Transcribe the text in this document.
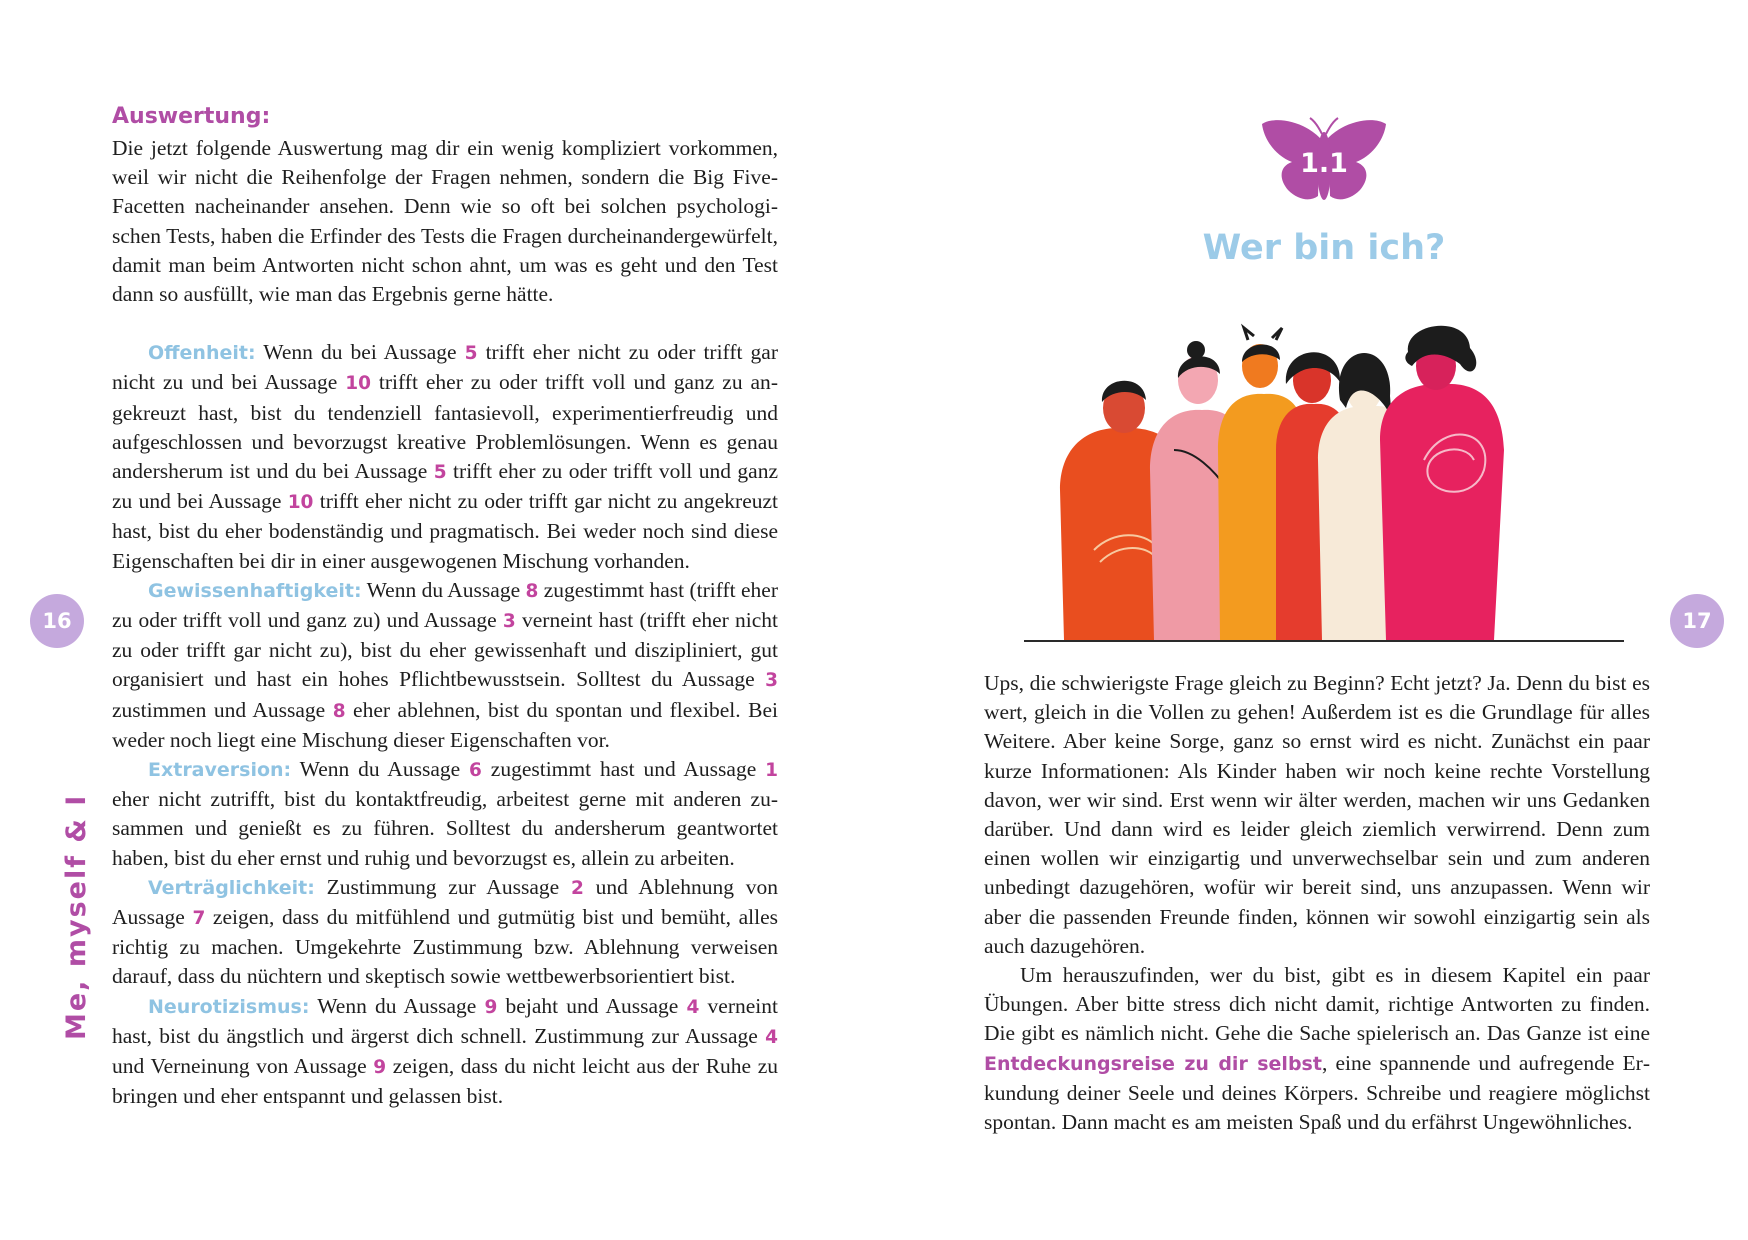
Auswertung:

Die jetzt folgende Auswertung mag dir ein wenig kompliziert vorkommen, weil wir nicht die Reihenfolge der Fragen nehmen, sondern die Big Five-Facetten nacheinander ansehen. Denn wie so oft bei solchen psychologischen Tests, haben die Erfinder des Tests die Fragen durcheinandergewürfelt, damit man beim Antworten nicht schon ahnt, um was es geht und den Test dann so ausfüllt, wie man das Ergebnis gerne hätte.

Offenheit: Wenn du bei Aussage 5 trifft eher nicht zu oder trifft gar nicht zu und bei Aussage 10 trifft eher zu oder trifft voll und ganz zu angekreuzt hast, bist du tendenziell fantasievoll, experimentierfreudig und aufgeschlossen und bevorzugst kreative Problemlösungen. Wenn es genau andersherum ist und du bei Aussage 5 trifft eher zu oder trifft voll und ganz zu und bei Aussage 10 trifft eher nicht zu oder trifft gar nicht zu angekreuzt hast, bist du eher bodenständig und pragmatisch. Bei weder noch sind diese Eigenschaften bei dir in einer ausgewogenen Mischung vorhanden.

Gewissenhaftigkeit: Wenn du Aussage 8 zugestimmt hast (trifft eher zu oder trifft voll und ganz zu) und Aussage 3 verneint hast (trifft eher nicht zu oder trifft gar nicht zu), bist du eher gewissenhaft und diszipliniert, gut organisiert und hast ein hohes Pflichtbewusstsein. Solltest du Aussage 3 zustimmen und Aussage 8 eher ablehnen, bist du spontan und flexibel. Bei weder noch liegt eine Mischung dieser Eigenschaften vor.

Extraversion: Wenn du Aussage 6 zugestimmt hast und Aussage 1 eher nicht zutrifft, bist du kontaktfreudig, arbeitest gerne mit anderen zusammen und genießt es zu führen. Solltest du andersherum geantwortet haben, bist du eher ernst und ruhig und bevorzugst es, allein zu arbeiten.

Verträglichkeit: Zustimmung zur Aussage 2 und Ablehnung von Aussage 7 zeigen, dass du mitfühlend und gutmütig bist und bemüht, alles richtig zu machen. Umgekehrte Zustimmung bzw. Ablehnung verweisen darauf, dass du nüchtern und skeptisch sowie wettbewerbsorientiert bist.

Neurotizismus: Wenn du Aussage 9 bejaht und Aussage 4 verneint hast, bist du ängstlich und ärgerst dich schnell. Zustimmung zur Aussage 4 und Verneinung von Aussage 9 zeigen, dass du nicht leicht aus der Ruhe zu bringen und eher entspannt und gelassen bist.

16
Me, myself & I
1.1
Wer bin ich?

Ups, die schwierigste Frage gleich zu Beginn? Echt jetzt? Ja. Denn du bist es wert, gleich in die Vollen zu gehen! Außerdem ist es die Grundlage für alles Weitere. Aber keine Sorge, ganz so ernst wird es nicht. Zunächst ein paar kurze Informationen: Als Kinder haben wir noch keine rechte Vorstellung davon, wer wir sind. Erst wenn wir älter werden, machen wir uns Gedanken darüber. Und dann wird es leider gleich ziemlich verwirrend. Denn zum einen wollen wir einzigartig und unverwechselbar sein und zum anderen unbedingt dazugehören, wofür wir bereit sind, uns anzupassen. Wenn wir aber die passenden Freunde finden, können wir sowohl einzigartig sein als auch dazugehören.

Um herauszufinden, wer du bist, gibt es in diesem Kapitel ein paar Übungen. Aber bitte stress dich nicht damit, richtige Antworten zu finden. Die gibt es nämlich nicht. Gehe die Sache spielerisch an. Das Ganze ist eine Entdeckungsreise zu dir selbst, eine spannende und aufregende Erkundung deiner Seele und deines Körpers. Schreibe und reagiere möglichst spontan. Dann macht es am meisten Spaß und du erfährst Ungewöhnliches.

17
